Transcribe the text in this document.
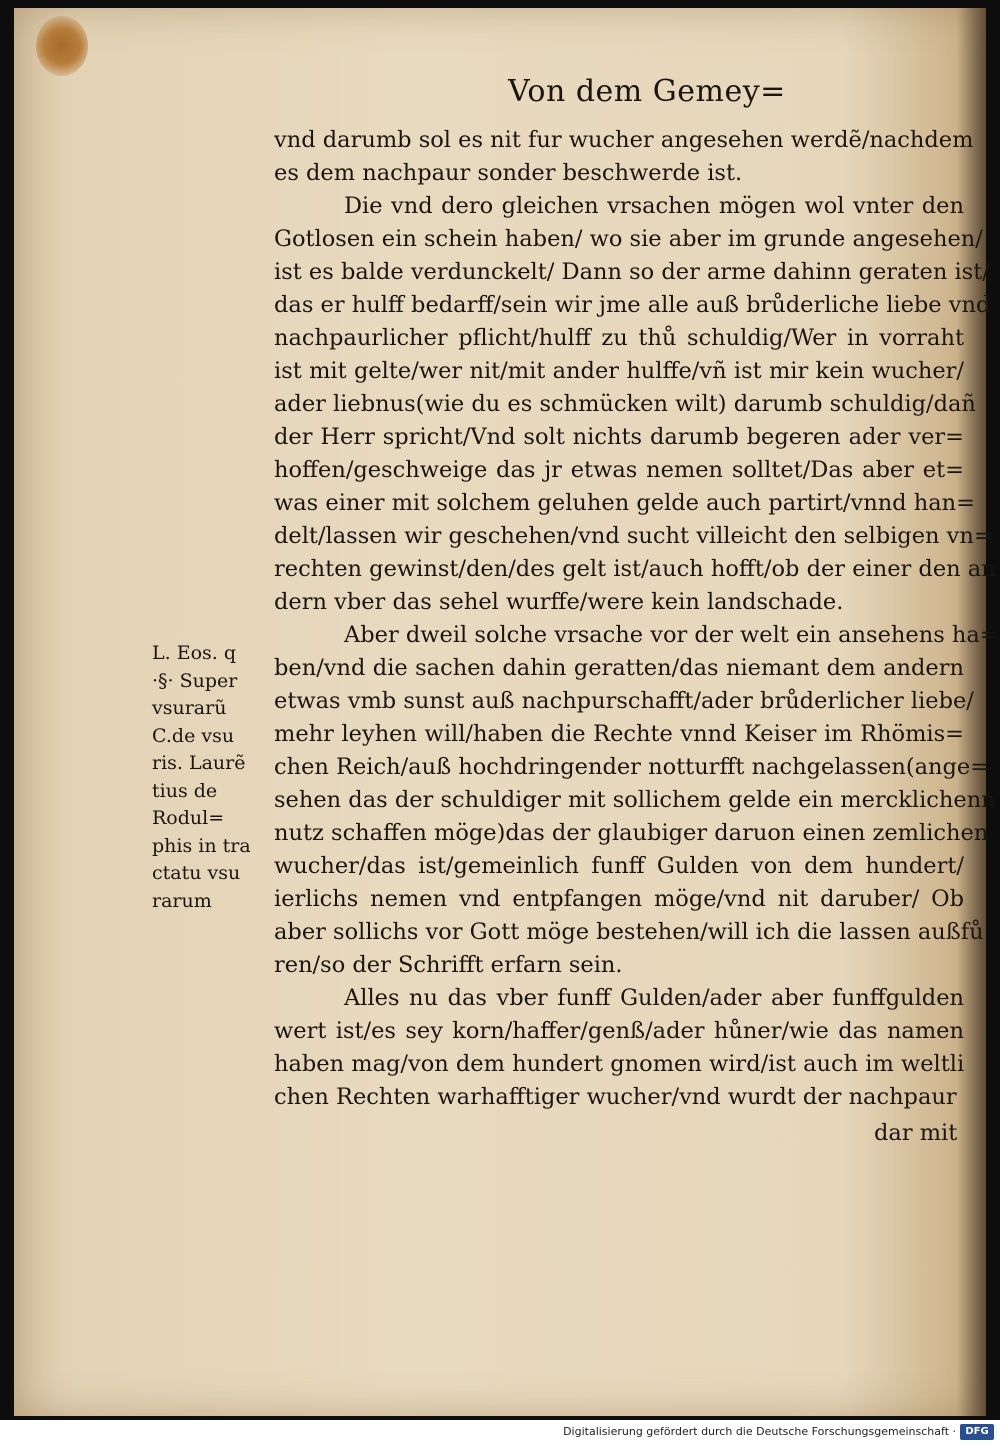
Von dem Gemey=
vnd darumb sol es nit fur wucher angesehen werdẽ/nachdem
es dem nachpaur sonder beschwerde ist.
Die vnd dero gleichen vrsachen mögen wol vnter den
Gotlosen ein schein haben/ wo sie aber im grunde angesehen/
ist es balde verdunckelt/ Dann so der arme dahinn geraten ist/
das er hulff bedarff/sein wir jme alle auß brůderliche liebe vnd
nachpaurlicher pflicht/hulff zu thů schuldig/Wer in vorraht
ist mit gelte/wer nit/mit ander hulffe/vñ ist mir kein wucher/
ader liebnus(wie du es schmücken wilt) darumb schuldig/dañ
der Herr spricht/Vnd solt nichts darumb begeren ader ver=
hoffen/geschweige das jr etwas nemen solltet/Das aber et=
was einer mit solchem geluhen gelde auch partirt/vnnd han=
delt/lassen wir geschehen/vnd sucht villeicht den selbigen vn=
rechten gewinst/den/des gelt ist/auch hofft/ob der einer den an
dern vber das sehel wurffe/were kein landschade.
Aber dweil solche vrsache vor der welt ein ansehens ha=
ben/vnd die sachen dahin geratten/das niemant dem andern
etwas vmb sunst auß nachpurschafft/ader brůderlicher liebe/
mehr leyhen will/haben die Rechte vnnd Keiser im Rhömis=
chen Reich/auß hochdringender notturfft nachgelassen(ange=
sehen das der schuldiger mit sollichem gelde ein mercklichenn
nutz schaffen möge)das der glaubiger daruon einen zemlichen
wucher/das ist/gemeinlich funff Gulden von dem hundert/
ierlichs nemen vnd entpfangen möge/vnd nit daruber/ Ob
aber sollichs vor Gott möge bestehen/will ich die lassen außfů
ren/so der Schrifft erfarn sein.
Alles nu das vber funff Gulden/ader aber funffgulden
wert ist/es sey korn/haffer/genß/ader hůner/wie das namen
haben mag/von dem hundert gnomen wird/ist auch im weltli
chen Rechten warhafftiger wucher/vnd wurdt der nachpaur
dar mit
L. Eos. q
·§· Super
vsurarũ
C.de vsu
ris. Laurẽ
tius de
Rodul=
phis in tra
ctatu vsu
rarum
Digitalisierung gefördert durch die Deutsche Forschungsgemeinschaft · DFG
